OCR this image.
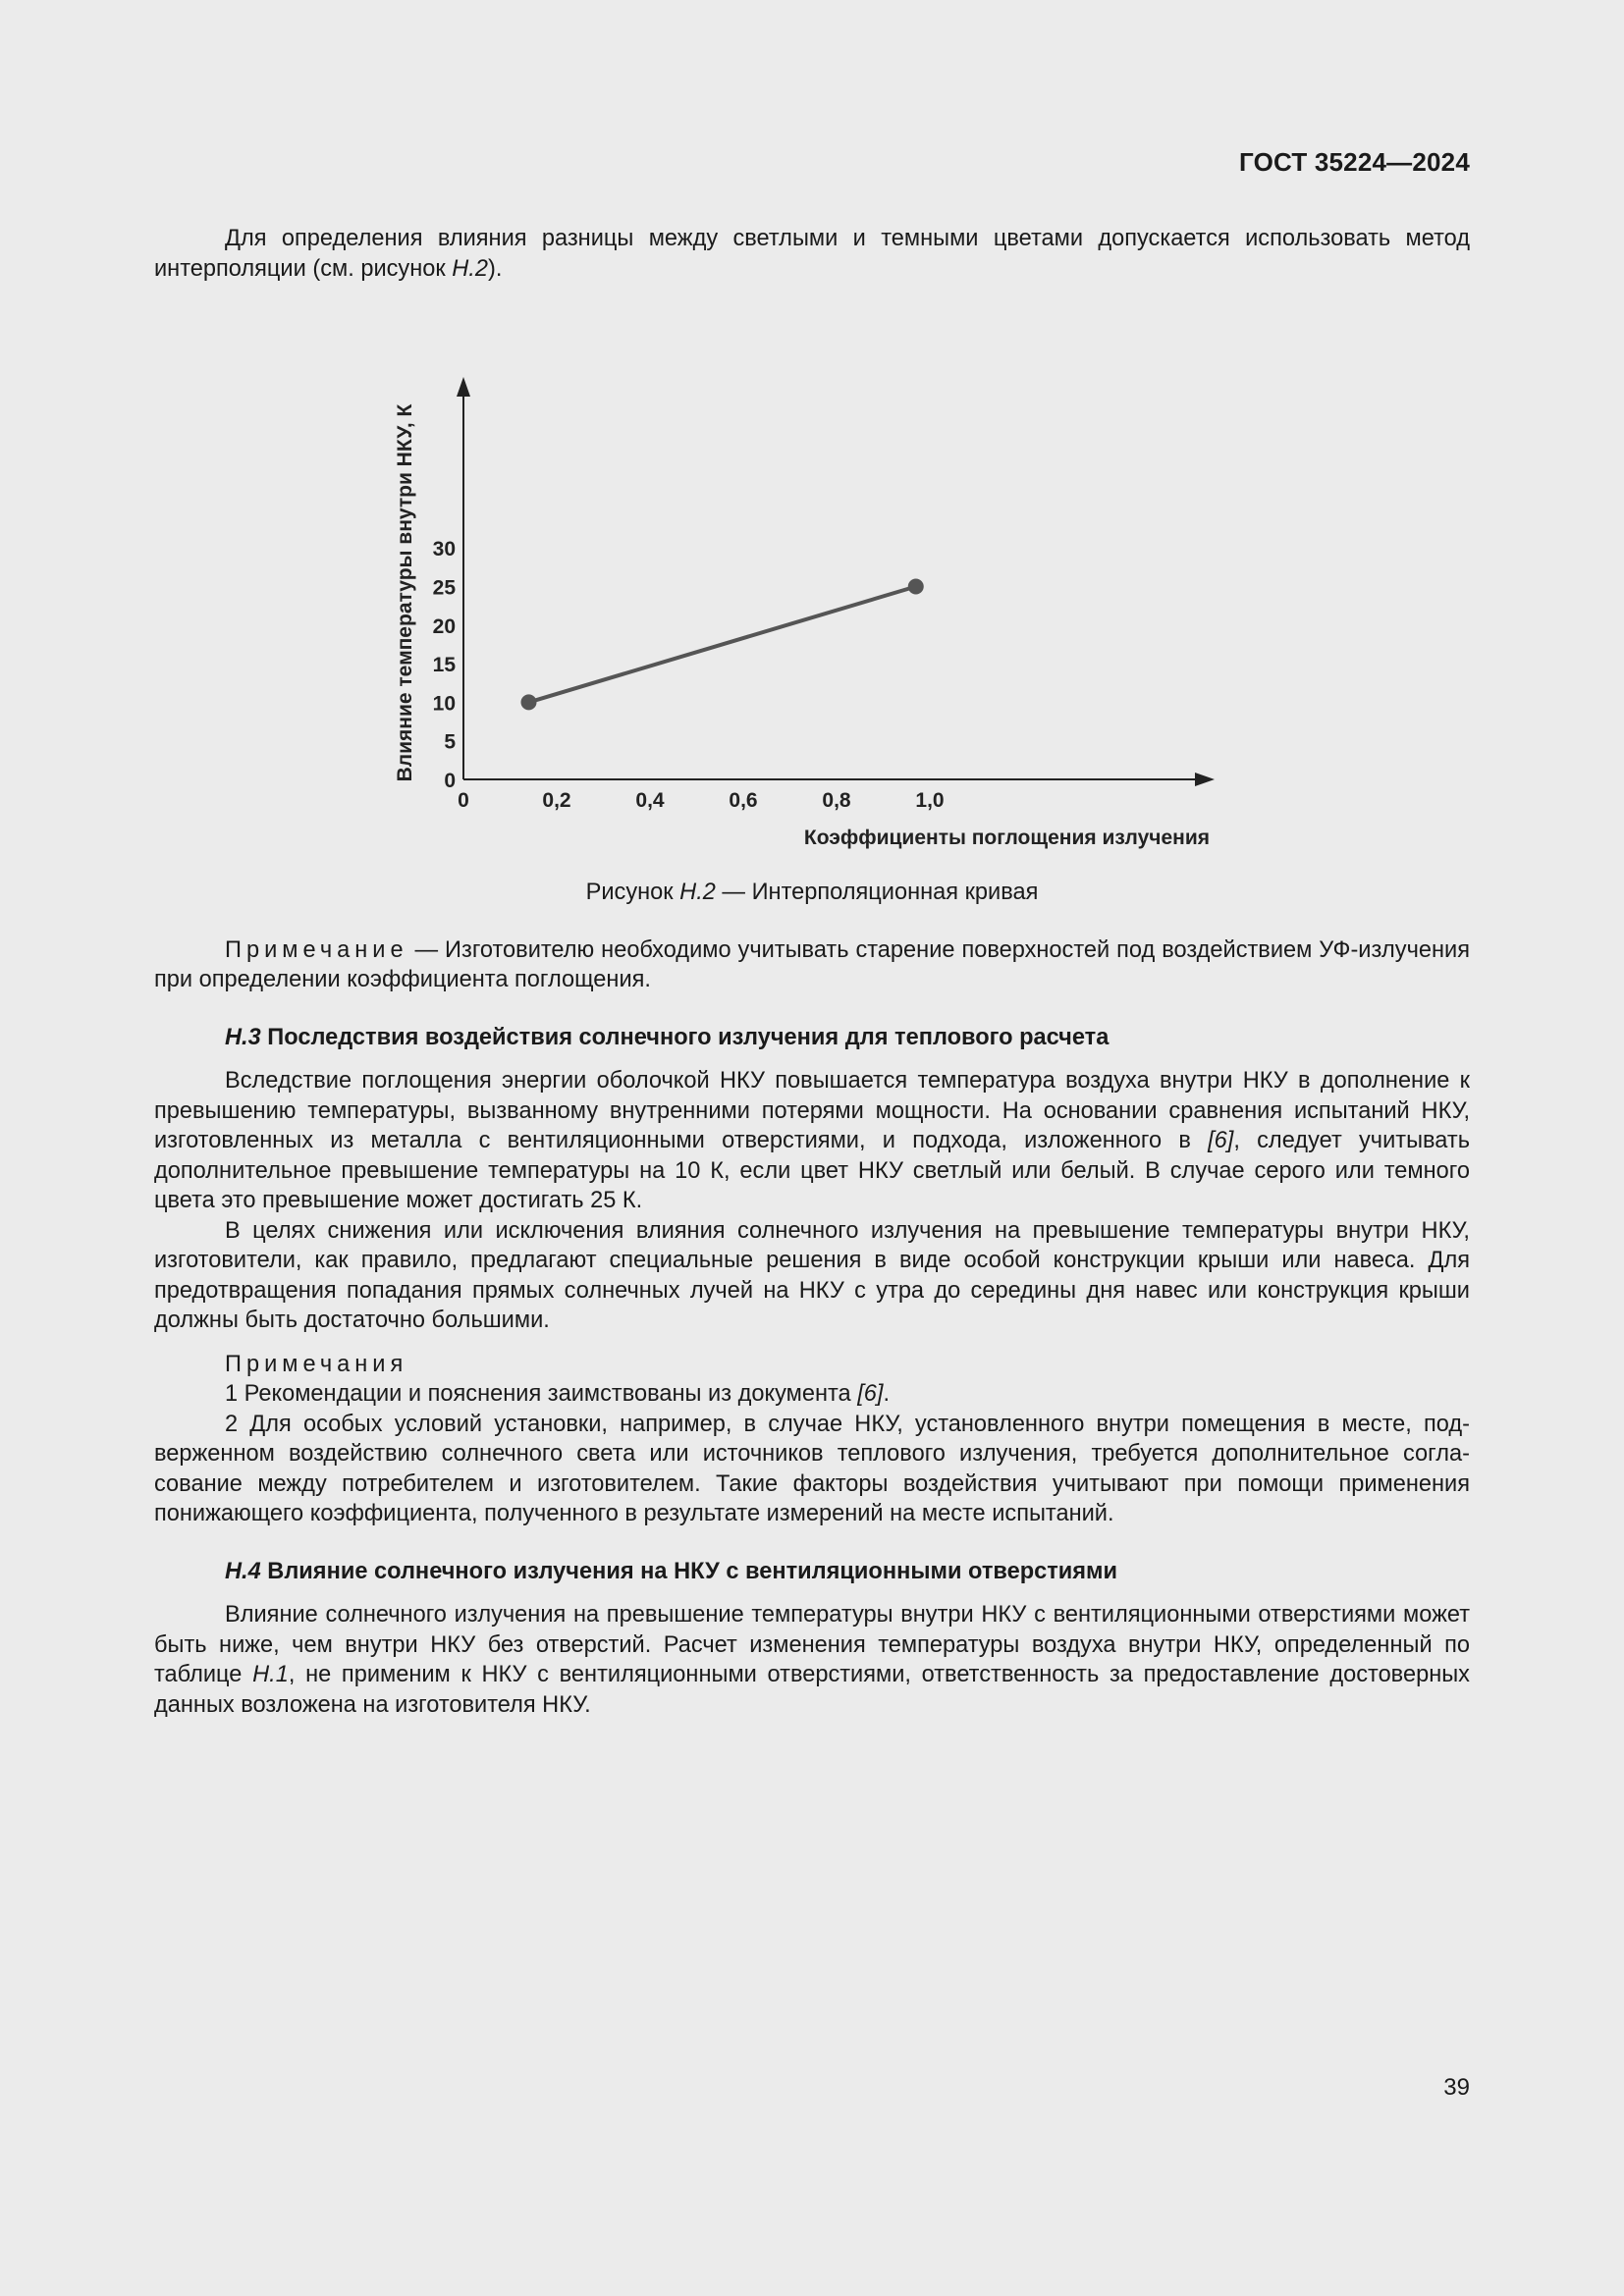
ГОСТ 35224—2024

Для определения влияния разницы между светлыми и темными цветами допускается использовать метод интерполяции (см. рисунок Н.2).

0	0,2	0,4	0,6	0,8	1,0
0
5
10
15
20
25
30
Коэффициенты поглощения излучения
Влияние температуры внутри НКУ, К

Рисунок Н.2 — Интерполяционная кривая

Примечание — Изготовителю необходимо учитывать старение поверхностей под воздействием УФ-излучения при определении коэффициента поглощения.

Н.3 Последствия воздействия солнечного излучения для теплового расчета

Вследствие поглощения энергии оболочкой НКУ повышается температура воздуха внутри НКУ в дополнение к превышению температуры, вызванному внутренними потерями мощности. На основании сравнения испытаний НКУ, изготовленных из металла с вентиляционными отверстиями, и подхода, изложенного в [6], следует учитывать дополнительное превышение температуры на 10 К, если цвет НКУ светлый или белый. В случае серого или темного цвета это превышение может достигать 25 К.

В целях снижения или исключения влияния солнечного излучения на превышение температуры внутри НКУ, изготовители, как правило, предлагают специальные решения в виде особой конструкции крыши или навеса. Для предотвращения попадания прямых солнечных лучей на НКУ с утра до середины дня навес или конструкция крыши должны быть достаточно большими.

Примечания

1 Рекомендации и пояснения заимствованы из документа [6].

2 Для особых условий установки, например, в случае НКУ, установленного внутри помещения в месте, подверженном воздействию солнечного света или источников теплового излучения, требуется дополнительное согласование между потребителем и изготовителем. Такие факторы воздействия учитывают при помощи применения понижающего коэффициента, полученного в результате измерений на месте испытаний.

Н.4 Влияние солнечного излучения на НКУ с вентиляционными отверстиями

Влияние солнечного излучения на превышение температуры внутри НКУ с вентиляционными отверстиями может быть ниже, чем внутри НКУ без отверстий. Расчет изменения температуры воздуха внутри НКУ, определенный по таблице Н.1, не применим к НКУ с вентиляционными отверстиями, ответственность за предоставление достоверных данных возложена на изготовителя НКУ.

39
